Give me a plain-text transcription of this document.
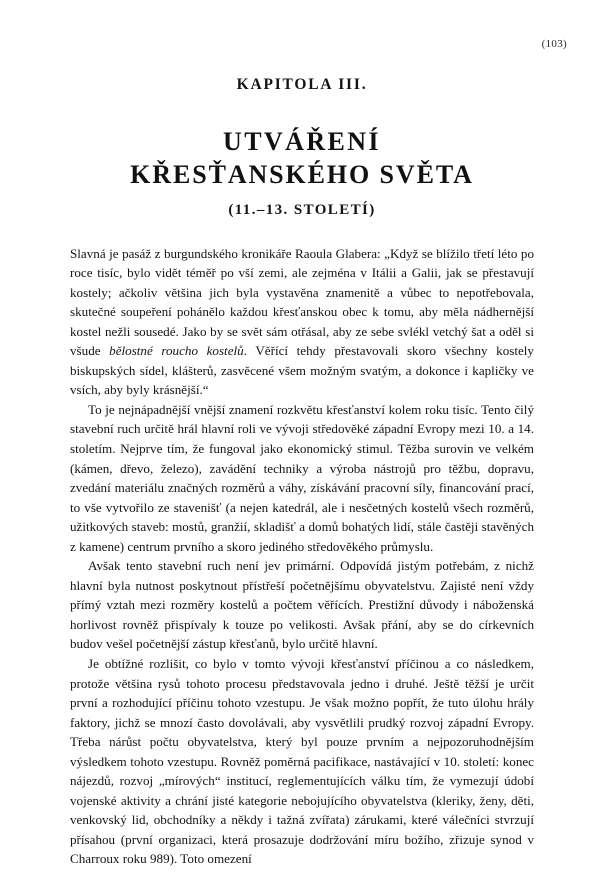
(103)
KAPITOLA III.
UTVÁŘENÍ
KŘESŤANSKÉHO SVĚTA
(11.–13. STOLETÍ)

Slavná je pasáž z burgundského kronikáře Raoula Glabera: „Když se blížilo třetí léto po roce tisíc, bylo vidět téměř po vší zemi, ale zejména v Itálii a Galii, jak se přestavují kostely; ačkoliv většina jich byla vystavěna znamenitě a vůbec to nepotřebovala, skutečné soupeření pohánělo každou křesťanskou obec k tomu, aby měla nádhernější kostel nežli sousedé. Jako by se svět sám otřásal, aby ze sebe svlékl vetchý šat a oděl si všude bělostné roucho kostelů. Věřící tehdy přestavovali skoro všechny kostely biskupských sídel, klášterů, zasvěcené všem možným svatým, a dokonce i kapličky ve vsích, aby byly krásnější.“

To je nejnápadnější vnější znamení rozkvětu křesťanství kolem roku tisíc. Tento čilý stavební ruch určitě hrál hlavní roli ve vývoji středověké západní Evropy mezi 10. a 14. stoletím. Nejprve tím, že fungoval jako ekonomický stimul. Těžba surovin ve velkém (kámen, dřevo, železo), zavádění techniky a výroba nástrojů pro těžbu, dopravu, zvedání materiálu značných rozměrů a váhy, získávání pracovní síly, financování prací, to vše vytvořilo ze stavenišť (a nejen katedrál, ale i nesčetných kostelů všech rozměrů, užitkových staveb: mostů, granžií, skladišť a domů bohatých lidí, stále častěji stavěných z kamene) centrum prvního a skoro jediného středověkého průmyslu.

Avšak tento stavební ruch není jev primární. Odpovídá jistým potřebám, z nichž hlavní byla nutnost poskytnout přístřeší početnějšímu obyvatelstvu. Zajisté není vždy přímý vztah mezi rozměry kostelů a počtem věřících. Prestižní důvody i náboženská horlivost rovněž přispívaly k touze po velikosti. Avšak přání, aby se do církevních budov vešel početnější zástup křesťanů, bylo určitě hlavní.

Je obtížné rozlišit, co bylo v tomto vývoji křesťanství příčinou a co následkem, protože většina rysů tohoto procesu představovala jedno i druhé. Ještě těžší je určit první a rozhodující příčinu tohoto vzestupu. Je však možno popřít, že tuto úlohu hrály faktory, jichž se mnozí často dovolávali, aby vysvětlili prudký rozvoj západní Evropy. Třeba nárůst počtu obyvatelstva, který byl pouze prvním a nejpozoruhodnějším výsledkem tohoto vzestupu. Rovněž poměrná pacifikace, nastávající v 10. století: konec nájezdů, rozvoj „mírových“ institucí, reglementujících válku tím, že vymezují údobí vojenské aktivity a chrání jisté kategorie nebojujícího obyvatelstva (kleriky, ženy, děti, venkovský lid, obchodníky a někdy i tažná zvířata) zárukami, které válečníci stvrzují přísahou (první organizaci, která prosazuje dodržování míru božího, zřizuje synod v Charroux roku 989). Toto omezení
